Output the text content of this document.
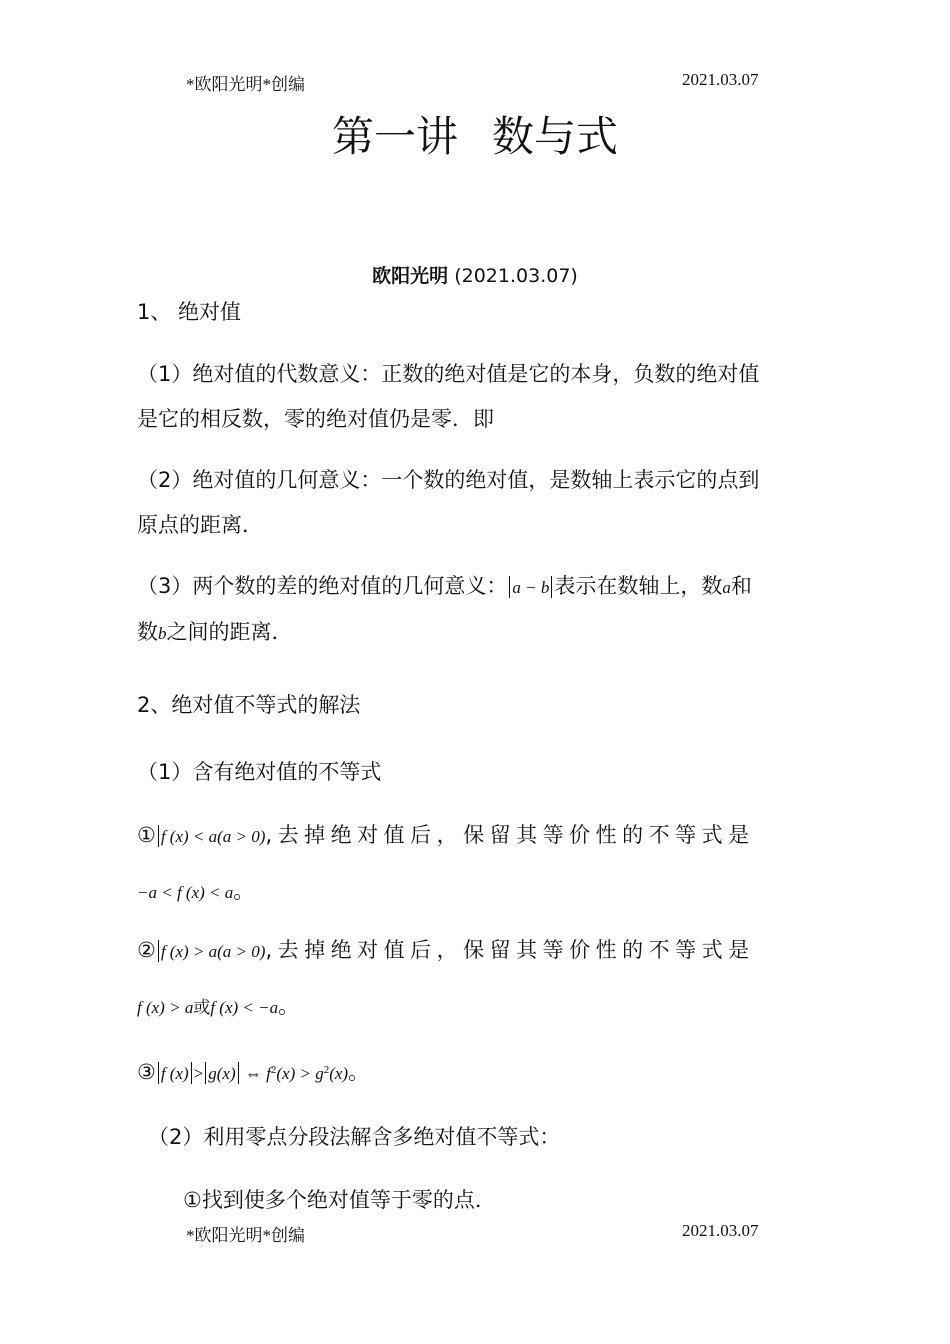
*欧阳光明*创编	2021.03.07
第一讲 数与式
欧阳光明 (2021.03.07)
1、 绝对值
（1）绝对值的代数意义：正数的绝对值是它的本身，负数的绝对值
是它的相反数，零的绝对值仍是零．即
（2）绝对值的几何意义：一个数的绝对值，是数轴上表示它的点到
原点的距离．
（3）两个数的差的绝对值的几何意义： a − b 表示在数轴上，数a和
数b之间的距离．
2、绝对值不等式的解法
（1）含有绝对值的不等式
① f (x) < a(a > 0),去掉绝对值后，保留其等价性的不等式是
−a < f (x) < a。
② f (x) > a(a > 0),去掉绝对值后，保留其等价性的不等式是
f (x) > a或f (x) < −a。
③ f (x) > g(x) ⇔ $f^2(x) > g^2(x)$。
（2）利用零点分段法解含多绝对值不等式：
①找到使多个绝对值等于零的点．
*欧阳光明*创编	2021.03.07
